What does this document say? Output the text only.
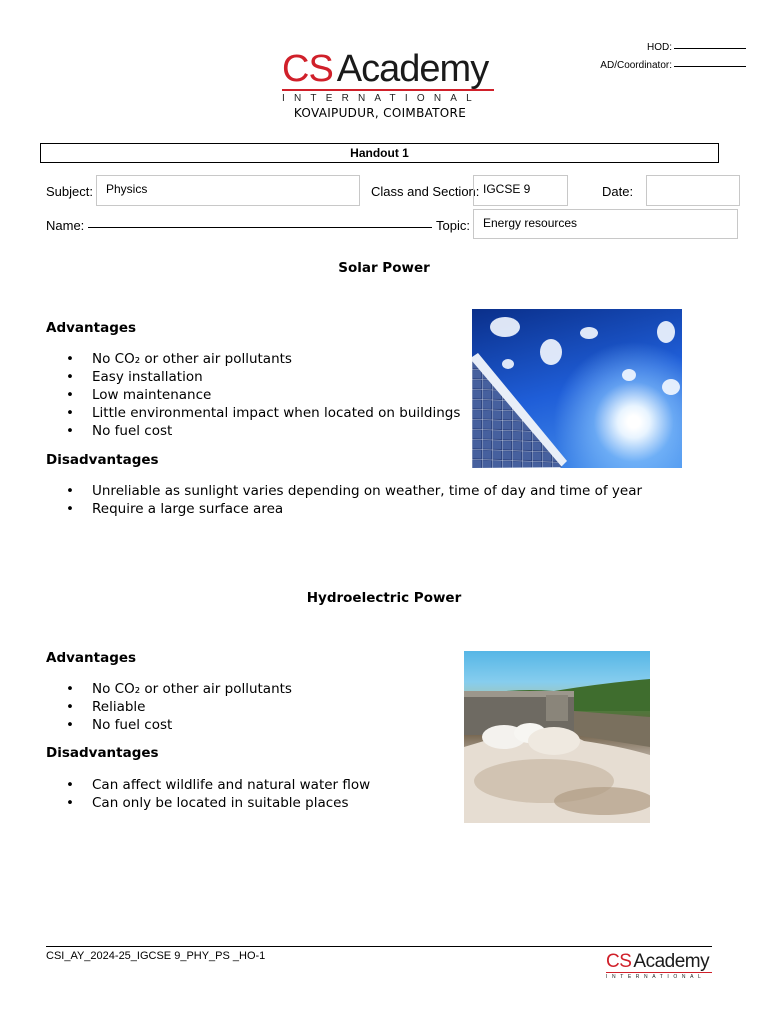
CS Academy
INTERNATIONAL
KOVAIPUDUR, COIMBATORE
HOD:
AD/Coordinator:
Handout 1
Subject:	Physics	Class and Section: IGCSE 9	Date:
Name:	Topic:	Energy resources
Solar Power
Advantages
• No CO₂ or other air pollutants
• Easy installation
• Low maintenance
• Little environmental impact when located on buildings
• No fuel cost
Disadvantages
• Unreliable as sunlight varies depending on weather, time of day and time of year
• Require a large surface area
Hydroelectric Power
Advantages
• No CO₂ or other air pollutants
• Reliable
• No fuel cost
Disadvantages
• Can affect wildlife and natural water flow
• Can only be located in suitable places
CSI_AY_2024-25_IGCSE 9_PHY_PS _HO-1	CS Academy
INTERNATIONAL
